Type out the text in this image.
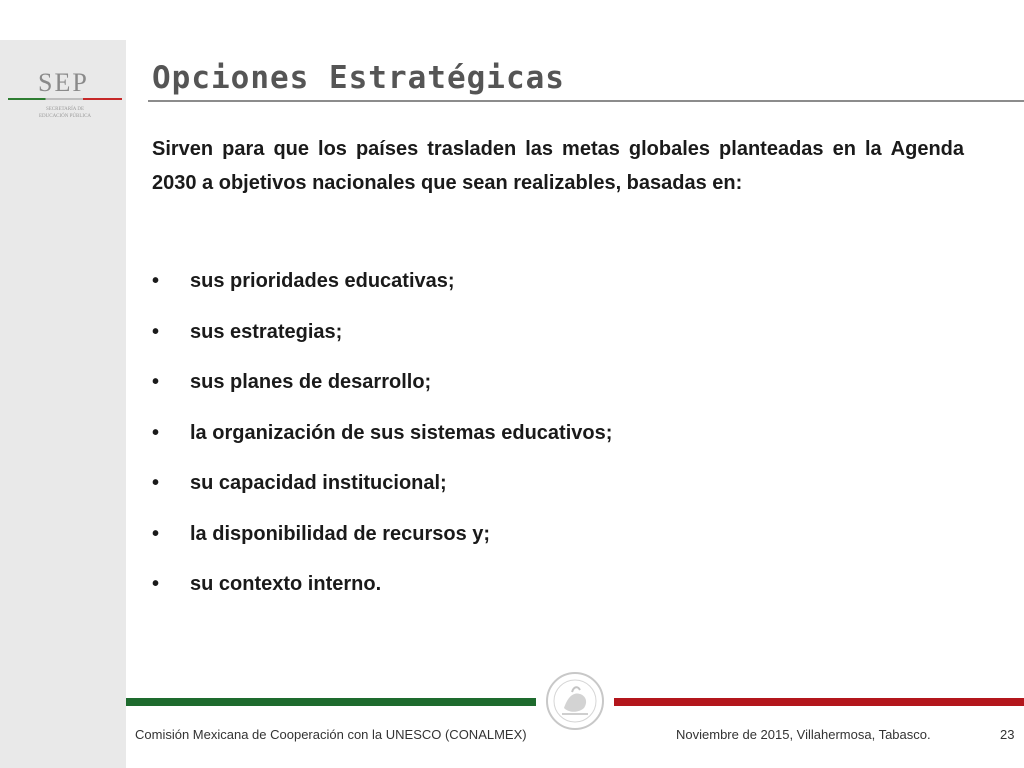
SEP
SECRETARÍA DE
EDUCACIÓN PÚBLICA
Opciones Estratégicas

Sirven para que los países trasladen las metas globales planteadas en la Agenda 2030 a objetivos nacionales que sean realizables, basadas en:

• sus prioridades educativas;
• sus estrategias;
• sus planes de desarrollo;
• la organización de sus sistemas educativos;
• su capacidad institucional;
• la disponibilidad de recursos y;
• su contexto interno.
Comisión Mexicana de Cooperación con la UNESCO (CONALMEX)	Noviembre de 2015, Villahermosa, Tabasco.	23
